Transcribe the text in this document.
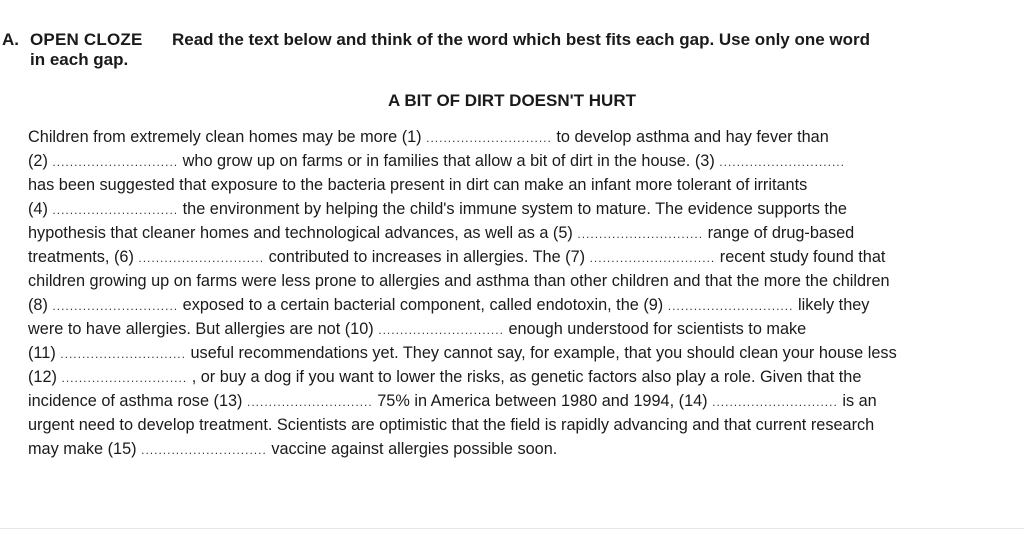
A. OPEN CLOZE Read the text below and think of the word which best fits each gap. Use only one word
in each gap.
A BIT OF DIRT DOESN'T HURT
Children from extremely clean homes may be more (1) ............................. to develop asthma and hay fever than
(2) ............................. who grow up on farms or in families that allow a bit of dirt in the house. (3) .............................
has been suggested that exposure to the bacteria present in dirt can make an infant more tolerant of irritants
(4) ............................. the environment by helping the child's immune system to mature. The evidence supports the
hypothesis that cleaner homes and technological advances, as well as a (5) ............................. range of drug-based
treatments, (6) ............................. contributed to increases in allergies. The (7) ............................. recent study found that
children growing up on farms were less prone to allergies and asthma than other children and that the more the children
(8) ............................. exposed to a certain bacterial component, called endotoxin, the (9) ............................. likely they
were to have allergies. But allergies are not (10) ............................. enough understood for scientists to make
(11) ............................. useful recommendations yet. They cannot say, for example, that you should clean your house less
(12) ............................. , or buy a dog if you want to lower the risks, as genetic factors also play a role. Given that the
incidence of asthma rose (13) ............................. 75% in America between 1980 and 1994, (14) ............................. is an
urgent need to develop treatment. Scientists are optimistic that the field is rapidly advancing and that current research
may make (15) ............................. vaccine against allergies possible soon.
